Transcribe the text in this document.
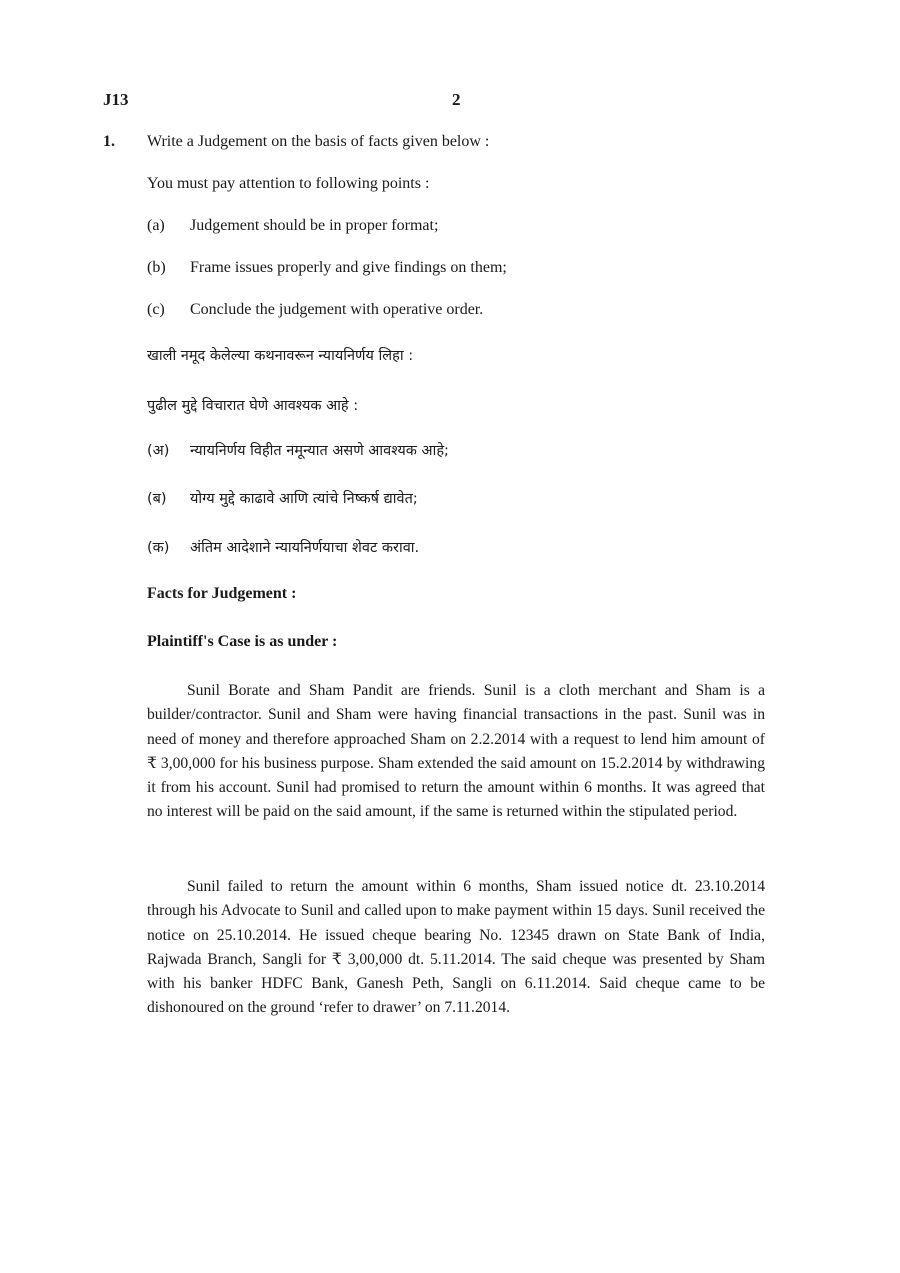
J13	2
1. Write a Judgement on the basis of facts given below :
You must pay attention to following points :
(a) Judgement should be in proper format;
(b) Frame issues properly and give findings on them;
(c) Conclude the judgement with operative order.
खाली नमूद केलेल्या कथनावरून न्यायनिर्णय लिहा :
पुढील मुद्दे विचारात घेणे आवश्यक आहे :
(अ) न्यायनिर्णय विहीत नमून्यात असणे आवश्यक आहे;
(ब) योग्य मुद्दे काढावे आणि त्यांचे निष्कर्ष द्यावेत;
(क) अंतिम आदेशाने न्यायनिर्णयाचा शेवट करावा.
Facts for Judgement :
Plaintiff's Case is as under :
Sunil Borate and Sham Pandit are friends. Sunil is a cloth merchant and Sham is a builder/contractor. Sunil and Sham were having financial transactions in the past. Sunil was in need of money and therefore approached Sham on 2.2.2014 with a request to lend him amount of ₹ 3,00,000 for his business purpose. Sham extended the said amount on 15.2.2014 by withdrawing it from his account. Sunil had promised to return the amount within 6 months. It was agreed that no interest will be paid on the said amount, if the same is returned within the stipulated period.
Sunil failed to return the amount within 6 months, Sham issued notice dt. 23.10.2014 through his Advocate to Sunil and called upon to make payment within 15 days. Sunil received the notice on 25.10.2014. He issued cheque bearing No. 12345 drawn on State Bank of India, Rajwada Branch, Sangli for ₹ 3,00,000 dt. 5.11.2014. The said cheque was presented by Sham with his banker HDFC Bank, Ganesh Peth, Sangli on 6.11.2014. Said cheque came to be dishonoured on the ground ‘refer to drawer’ on 7.11.2014.
